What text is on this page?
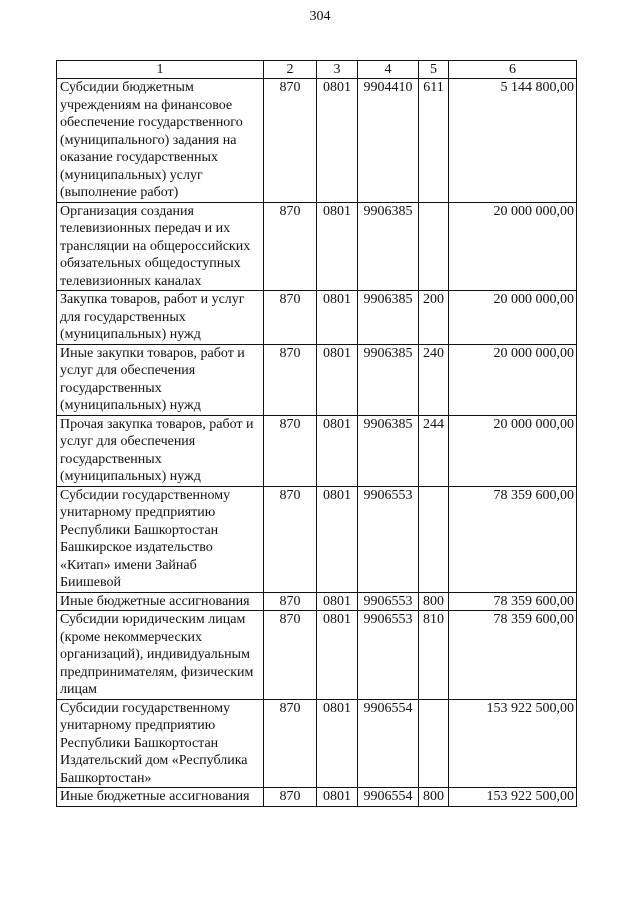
304
1	2	3	4	5	6
Субсидии бюджетным учреждениям на финансовое обеспечение государственного (муниципального) задания на оказание государственных (муниципальных) услуг (выполнение работ)	870	0801	9904410	611	5 144 800,00
Организация создания телевизионных передач и их трансляции на общероссийских обязательных общедоступных телевизионных каналах	870	0801	9906385		20 000 000,00
Закупка товаров, работ и услуг для государственных (муниципальных) нужд	870	0801	9906385	200	20 000 000,00
Иные закупки товаров, работ и услуг для обеспечения государственных (муниципальных) нужд	870	0801	9906385	240	20 000 000,00
Прочая закупка товаров, работ и услуг для обеспечения государственных (муниципальных) нужд	870	0801	9906385	244	20 000 000,00
Субсидии государственному унитарному предприятию Республики Башкортостан Башкирское издательство «Китап» имени Зайнаб Биишевой	870	0801	9906553		78 359 600,00
Иные бюджетные ассигнования	870	0801	9906553	800	78 359 600,00
Субсидии юридическим лицам (кроме некоммерческих организаций), индивидуальным предпринимателям, физическим лицам	870	0801	9906553	810	78 359 600,00
Субсидии государственному унитарному предприятию Республики Башкортостан Издательский дом «Республика Башкортостан»	870	0801	9906554		153 922 500,00
Иные бюджетные ассигнования	870	0801	9906554	800	153 922 500,00
